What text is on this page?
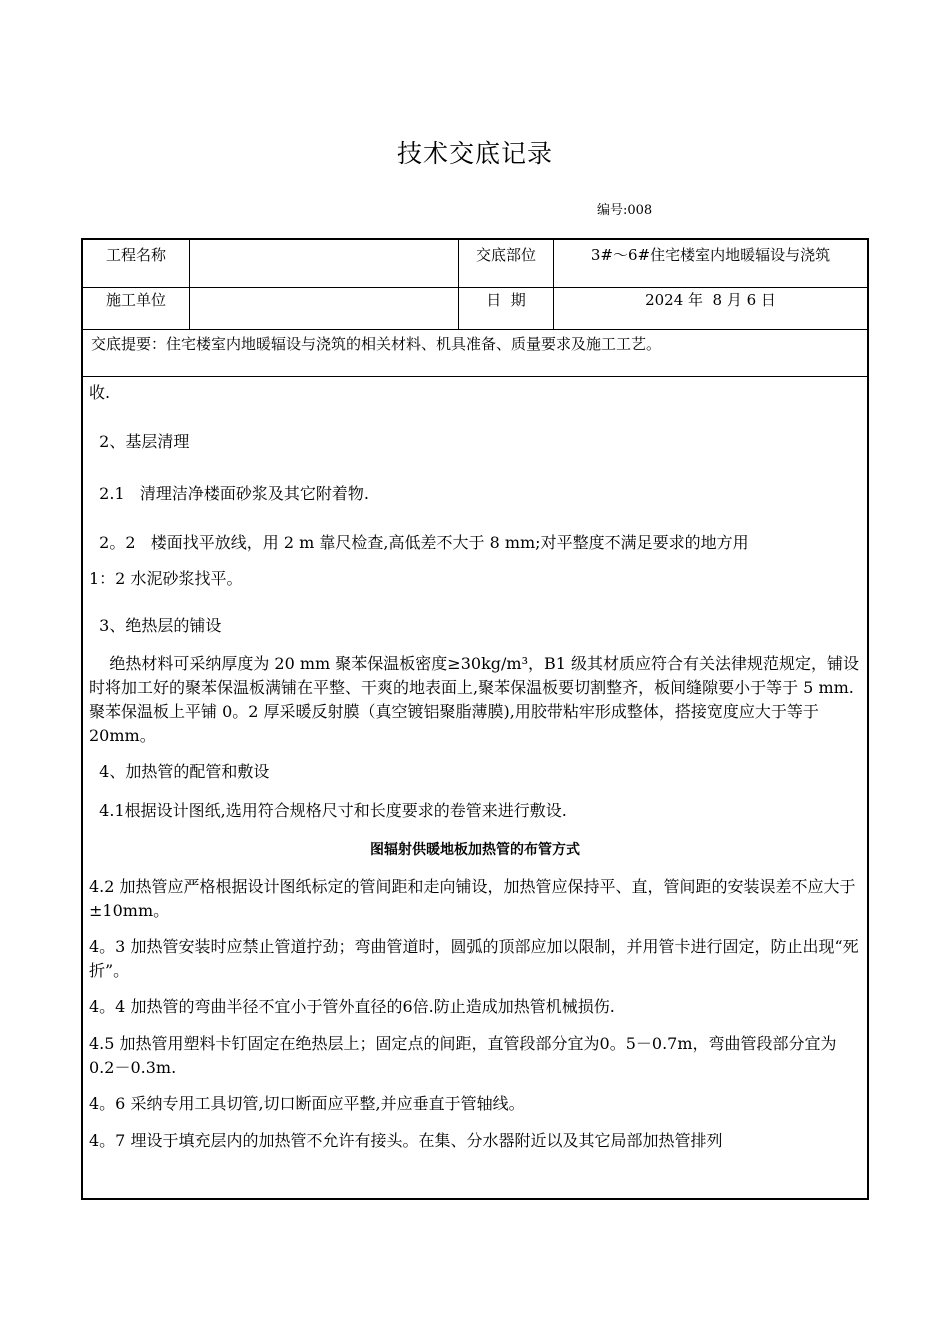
技术交底记录
编号:008
工程名称	交底部位	3#～6#住宅楼室内地暖辐设与浇筑
施工单位	日  期	2024 年  8 月 6 日
交底提要：住宅楼室内地暖辐设与浇筑的相关材料、机具准备、质量要求及施工工艺。

收.

2、基层清理

2.1   清理洁净楼面砂浆及其它附着物.

2。2   楼面找平放线，用 2 m 靠尺检查,高低差不大于 8 mm;对平整度不满足要求的地方用

1：2 水泥砂浆找平。

3、绝热层的铺设

绝热材料可采纳厚度为 20 mm 聚苯保温板密度≥30kg/m³，B1 级其材质应符合有关法律规范规定，铺设时将加工好的聚苯保温板满铺在平整、干爽的地表面上,聚苯保温板要切割整齐，板间缝隙要小于等于 5 mm.聚苯保温板上平铺 0。2 厚采暖反射膜（真空镀铝聚脂薄膜),用胶带粘牢形成整体，搭接宽度应大于等于 20mm。

4、加热管的配管和敷设

4.1根据设计图纸,选用符合规格尺寸和长度要求的卷管来进行敷设.

图辐射供暖地板加热管的布管方式

4.2 加热管应严格根据设计图纸标定的管间距和走向铺设，加热管应保持平、直，管间距的安装误差不应大于±10mm。

4。3 加热管安装时应禁止管道拧劲；弯曲管道时，圆弧的顶部应加以限制，并用管卡进行固定，防止出现“死折”。

4。4 加热管的弯曲半径不宜小于管外直径的6倍.防止造成加热管机械损伤.

4.5 加热管用塑料卡钉固定在绝热层上；固定点的间距，直管段部分宜为0。5－0.7m，弯曲管段部分宜为0.2－0.3m.

4。6 采纳专用工具切管,切口断面应平整,并应垂直于管轴线。

4。7 埋设于填充层内的加热管不允许有接头。在集、分水器附近以及其它局部加热管排列
